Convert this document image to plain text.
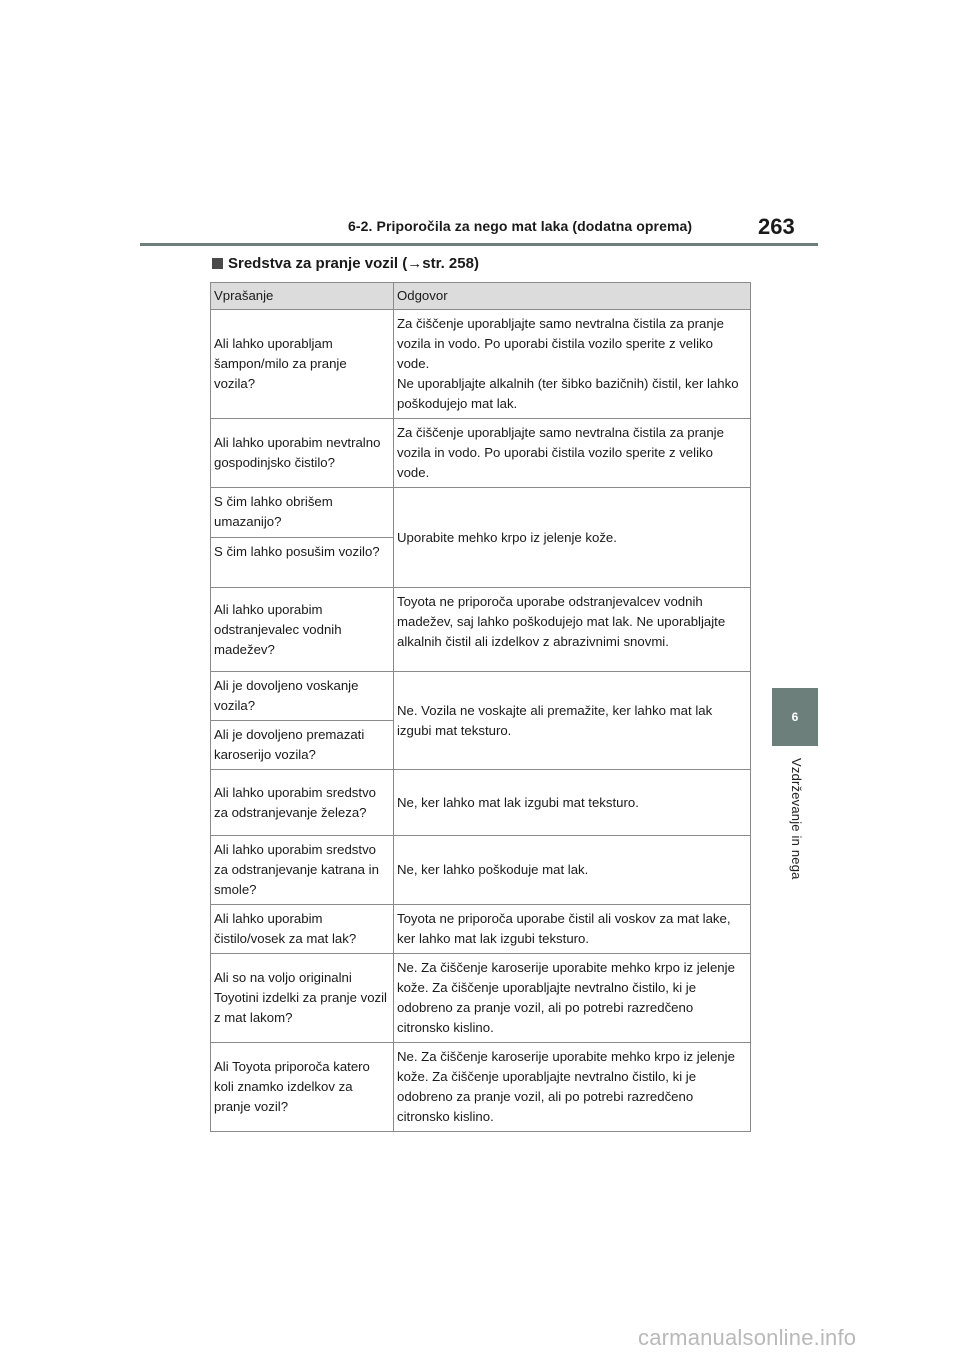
6-2. Priporočila za nego mat laka (dodatna oprema)	263
6
Vzdrževanje in nega
Sredstva za pranje vozil (→str. 258)
Vprašanje	Odgovor
Ali lahko uporabljam šampon/milo za pranje vozila?	Za čiščenje uporabljajte samo nevtralna čistila za pranje vozila in vodo. Po uporabi čistila vozilo sperite z veliko vode.
Ne uporabljajte alkalnih (ter šibko bazičnih) čistil, ker lahko poškodujejo mat lak.
Ali lahko uporabim nevtralno gospodinjsko čistilo?	Za čiščenje uporabljajte samo nevtralna čistila za pranje vozila in vodo. Po uporabi čistila vozilo sperite z veliko vode.
S čim lahko obrišem umazanijo?	Uporabite mehko krpo iz jelenje kože.
S čim lahko posušim vozilo?	
Ali lahko uporabim odstranjevalec vodnih madežev?	Toyota ne priporoča uporabe odstranjevalcev vodnih madežev, saj lahko poškodujejo mat lak. Ne uporabljajte alkalnih čistil ali izdelkov z abrazivnimi snovmi.
Ali je dovoljeno voskanje vozila?	Ne. Vozila ne voskajte ali premažite, ker lahko mat lak izgubi mat teksturo.
Ali je dovoljeno premazati karoserijo vozila?	
Ali lahko uporabim sredstvo za odstranjevanje železa?	Ne, ker lahko mat lak izgubi mat teksturo.
Ali lahko uporabim sredstvo za odstranjevanje katrana in smole?	Ne, ker lahko poškoduje mat lak.
Ali lahko uporabim čistilo/vosek za mat lak?	Toyota ne priporoča uporabe čistil ali voskov za mat lake, ker lahko mat lak izgubi teksturo.
Ali so na voljo originalni Toyotini izdelki za pranje vozil z mat lakom?	Ne. Za čiščenje karoserije uporabite mehko krpo iz jelenje kože. Za čiščenje uporabljajte nevtralno čistilo, ki je odobreno za pranje vozil, ali po potrebi razredčeno citronsko kislino.
Ali Toyota priporoča katero koli znamko izdelkov za pranje vozil?	Ne. Za čiščenje karoserije uporabite mehko krpo iz jelenje kože. Za čiščenje uporabljajte nevtralno čistilo, ki je odobreno za pranje vozil, ali po potrebi razredčeno citronsko kislino.
carmanualsonline.info
